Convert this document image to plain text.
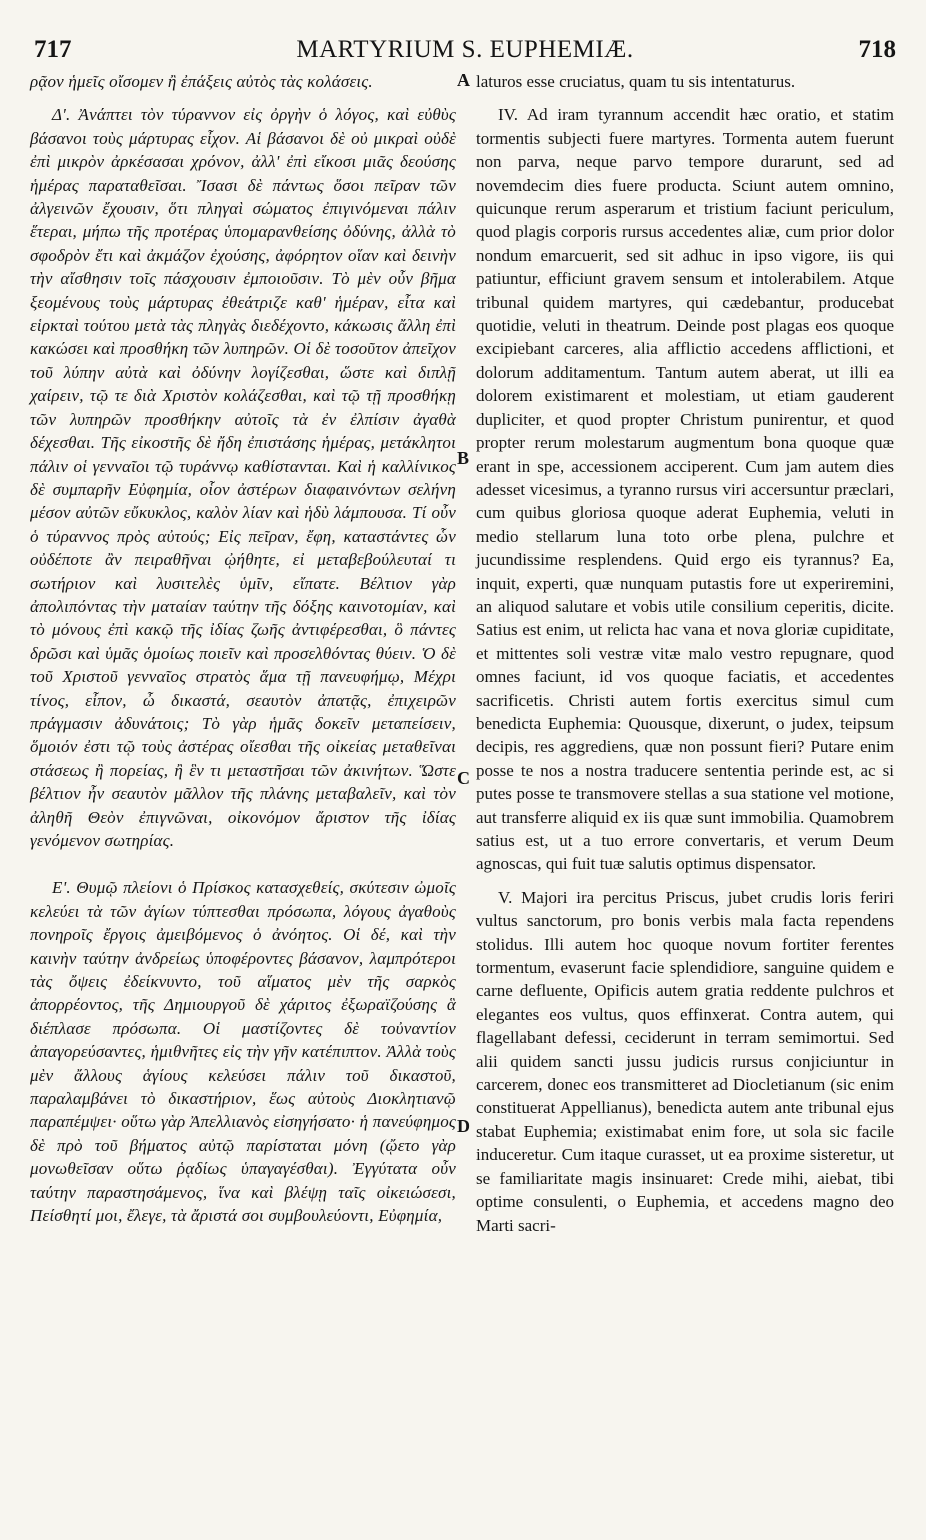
717	MARTYRIUM S. EUPHEMIÆ.	718

ρᾷον ἡμεῖς οἴσομεν ἢ ἐπάξεις αὐτὸς τὰς κολάσεις.

Δ'. Ἀνάπτει τὸν τύραννον εἰς ὀργὴν ὁ λόγος, καὶ εὐθὺς βάσανοι τοὺς μάρτυρας εἶχον. Αἱ βάσανοι δὲ οὐ μικραὶ οὐδὲ ἐπὶ μικρὸν ἀρκέσασαι χρόνον, ἀλλ' ἐπὶ εἴκοσι μιᾶς δεούσης ἡμέρας παραταθεῖσαι. Ἴσασι δὲ πάντως ὅσοι πεῖραν τῶν ἀλγεινῶν ἔχουσιν, ὅτι πληγαὶ σώματος ἐπιγινόμεναι πάλιν ἕτεραι, μήπω τῆς προτέρας ὑπομαρανθείσης ὀδύνης, ἀλλὰ τὸ σφοδρὸν ἔτι καὶ ἀκμάζον ἐχούσης, ἀφόρητον οἵαν καὶ δεινὴν τὴν αἴσθησιν τοῖς πάσχουσιν ἐμποιοῦσιν. Τὸ μὲν οὖν βῆμα ξεομένους τοὺς μάρτυρας ἐθεάτριζε καθ' ἡμέραν, εἶτα καὶ εἱρκταὶ τούτου μετὰ τὰς πληγὰς διεδέχοντο, κάκωσις ἄλλη ἐπὶ κακώσει καὶ προσθήκη τῶν λυπηρῶν. Οἱ δὲ τοσοῦτον ἀπεῖχον τοῦ λύπην αὐτὰ καὶ ὀδύνην λογίζεσθαι, ὥστε καὶ διπλῇ χαίρειν, τῷ τε διὰ Χριστὸν κολάζεσθαι, καὶ τῷ τῇ προσθήκῃ τῶν λυπηρῶν προσθήκην αὐτοῖς τὰ ἐν ἐλπίσιν ἀγαθὰ δέχεσθαι. Τῆς εἰκοστῆς δὲ ἤδη ἐπιστάσης ἡμέρας, μετάκλητοι πάλιν οἱ γενναῖοι τῷ τυράννῳ καθίστανται. Καὶ ἡ καλλίνικος δὲ συμπαρῆν Εὐφημία, οἷον ἀστέρων διαφαινόντων σελήνη μέσον αὐτῶν εὔκυκλος, καλὸν λίαν καὶ ἡδὺ λάμπουσα. Τί οὖν ὁ τύραννος πρὸς αὐτούς; Εἰς πεῖραν, ἔφη, καταστάντες ὧν οὐδέποτε ἂν πειραθῆναι ᾠήθητε, εἰ μεταβεβούλευταί τι σωτήριον καὶ λυσιτελὲς ὑμῖν, εἴπατε. Βέλτιον γὰρ ἀπολιπόντας τὴν ματαίαν ταύτην τῆς δόξης καινοτομίαν, καὶ τὸ μόνους ἐπὶ κακῷ τῆς ἰδίας ζωῆς ἀντιφέρεσθαι, ὃ πάντες δρῶσι καὶ ὑμᾶς ὁμοίως ποιεῖν καὶ προσελθόντας θύειν. Ὁ δὲ τοῦ Χριστοῦ γενναῖος στρατὸς ἅμα τῇ πανευφήμῳ, Μέχρι τίνος, εἶπον, ὦ δικαστά, σεαυτὸν ἀπατᾷς, ἐπιχειρῶν πράγμασιν ἀδυνάτοις; Τὸ γὰρ ἡμᾶς δοκεῖν μεταπείσειν, ὅμοιόν ἐστι τῷ τοὺς ἀστέρας οἴεσθαι τῆς οἰκείας μεταθεῖναι στάσεως ἢ πορείας, ἢ ἓν τι μεταστῆσαι τῶν ἀκινήτων. Ὥστε βέλτιον ἦν σεαυτὸν μᾶλλον τῆς πλάνης μεταβαλεῖν, καὶ τὸν ἀληθῆ Θεὸν ἐπιγνῶναι, οἰκονόμον ἄριστον τῆς ἰδίας γενόμενον σωτηρίας.

Ε'. Θυμῷ πλείονι ὁ Πρίσκος κατασχεθείς, σκύτεσιν ὠμοῖς κελεύει τὰ τῶν ἁγίων τύπτεσθαι πρόσωπα, λόγους ἀγαθοὺς πονηροῖς ἔργοις ἀμειβόμενος ὁ ἀνόητος. Οἱ δέ, καὶ τὴν καινὴν ταύτην ἀνδρείως ὑποφέροντες βάσανον, λαμπρότεροι τὰς ὄψεις ἐδείκνυντο, τοῦ αἵματος μὲν τῆς σαρκὸς ἀπορρέοντος, τῆς Δημιουργοῦ δὲ χάριτος ἐξωραϊζούσης ἃ διέπλασε πρόσωπα. Οἱ μαστίζοντες δὲ τοὐναντίον ἀπαγορεύσαντες, ἡμιθνῆτες εἰς τὴν γῆν κατέπιπτον. Ἀλλὰ τοὺς μὲν ἄλλους ἁγίους κελεύσει πάλιν τοῦ δικαστοῦ, παραλαμβάνει τὸ δικαστήριον, ἕως αὐτοὺς Διοκλητιανῷ παραπέμψει· οὕτω γὰρ Ἀπελλιανὸς εἰσηγήσατο· ἡ πανεύφημος δὲ πρὸ τοῦ βήματος αὐτῷ παρίσταται μόνη (ᾤετο γὰρ μονωθεῖσαν οὕτω ῥᾳδίως ὑπαγαγέσθαι). Ἐγγύτατα οὖν ταύτην παραστησάμενος, ἵνα καὶ βλέψῃ ταῖς οἰκειώσεσι, Πείσθητί μοι, ἔλεγε, τὰ ἄριστά σοι συμβουλεύοντι, Εὐφημία,

A
B
C
D

laturos esse cruciatus, quam tu sis intentaturus.

IV. Ad iram tyrannum accendit hæc oratio, et statim tormentis subjecti fuere martyres. Tormenta autem fuerunt non parva, neque parvo tempore durarunt, sed ad novemdecim dies fuere producta. Sciunt autem omnino, quicunque rerum asperarum et tristium faciunt periculum, quod plagis corporis rursus accedentes aliæ, cum prior dolor nondum emarcuerit, sed sit adhuc in ipso vigore, iis qui patiuntur, efficiunt gravem sensum et intolerabilem. Atque tribunal quidem martyres, qui cædebantur, producebat quotidie, veluti in theatrum. Deinde post plagas eos quoque excipiebant carceres, alia afflictio accedens afflictioni, et dolorum additamentum. Tantum autem aberat, ut illi ea dolorem existimarent et molestiam, ut etiam gauderent dupliciter, et quod propter Christum punirentur, et quod propter rerum molestarum augmentum bona quoque quæ erant in spe, accessionem acciperent. Cum jam autem dies adesset vicesimus, a tyranno rursus viri accersuntur præclari, cum quibus gloriosa quoque aderat Euphemia, veluti in medio stellarum luna toto orbe plena, pulchre et jucundissime resplendens. Quid ergo eis tyrannus? Ea, inquit, experti, quæ nunquam putastis fore ut experiremini, an aliquod salutare et vobis utile consilium ceperitis, dicite. Satius est enim, ut relicta hac vana et nova gloriæ cupiditate, et mittentes soli vestræ vitæ malo vestro repugnare, quod omnes faciunt, id vos quoque faciatis, et accedentes sacrificetis. Christi autem fortis exercitus simul cum benedicta Euphemia: Quousque, dixerunt, o judex, teipsum decipis, res aggrediens, quæ non possunt fieri? Putare enim posse te nos a nostra traducere sententia perinde est, ac si putes posse te transmovere stellas a sua statione vel motione, aut transferre aliquid ex iis quæ sunt immobilia. Quamobrem satius est, ut a tuo errore convertaris, et verum Deum agnoscas, qui fuit tuæ salutis optimus dispensator.

V. Majori ira percitus Priscus, jubet crudis loris feriri vultus sanctorum, pro bonis verbis mala facta rependens stolidus. Illi autem hoc quoque novum fortiter ferentes tormentum, evaserunt facie splendidiore, sanguine quidem e carne defluente, Opificis autem gratia reddente pulchros et elegantes eos vultus, quos effinxerat. Contra autem, qui flagellabant defessi, ceciderunt in terram semimortui. Sed alii quidem sancti jussu judicis rursus conjiciuntur in carcerem, donec eos transmitteret ad Diocletianum (sic enim constituerat Appellianus), benedicta autem ante tribunal ejus stabat Euphemia; existimabat enim fore, ut sola sic facile induceretur. Cum itaque curasset, ut ea proxime sisteretur, ut se familiaritate magis insinuaret: Crede mihi, aiebat, tibi optime consulenti, o Euphemia, et accedens magno deo Marti sacri-
